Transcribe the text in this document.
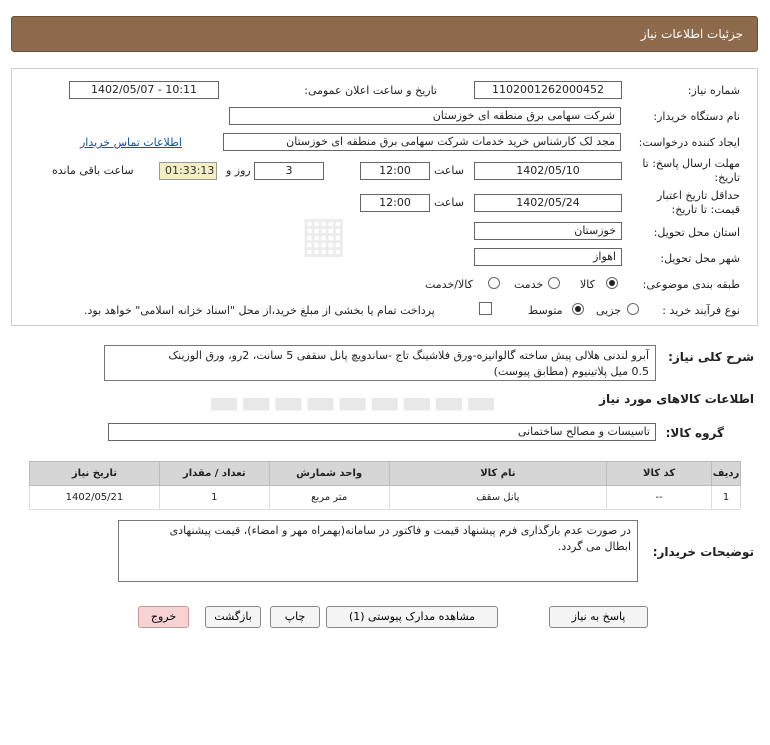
جزئیات اطلاعات نیاز
▦
▬▬▬▬▬▬▬▬▬
شماره نیاز:
1102001262000452
تاریخ و ساعت اعلان عمومی:
1402/05/07 - 10:11
نام دستگاه خریدار:
شرکت سهامی برق منطقه ای خوزستان
ایجاد کننده درخواست:
مجد لک کارشناس خرید خدمات شرکت سهامی برق منطقه ای خوزستان
اطلاعات تماس خریدار
مهلت ارسال پاسخ: تا
تاریخ:
1402/05/10
ساعت
12:00
3
روز و
01:33:13
ساعت باقی مانده
حداقل تاریخ اعتبار
قیمت: تا تاریخ:
1402/05/24
ساعت
12:00
استان محل تحویل:
خوزستان
شهر محل تحویل:
اهواز
طبقه بندی موضوعی:
کالا
خدمت
کالا/خدمت
نوع فرآیند خرید :
جزیی
متوسط
پرداخت تمام یا بخشی از مبلغ خرید،از محل "اسناد خزانه اسلامی" خواهد بود.
شرح کلی نیاز:
آبرو لندنی هلالی پیش ساخته گالوانیزه-ورق فلاشینگ تاج -ساندویچ پانل سقفی 5 سانت، 2رو، ورق الوزینک
0.5 میل پلاتینیوم (مطابق پیوست)
اطلاعات کالاهای مورد نیاز
گروه کالا:
تاسیسات و مصالح ساختمانی
ردیف	کد کالا	نام کالا	واحد شمارش	تعداد / مقدار	تاریخ نیاز
1	--	پانل سقف	متر مربع	1	1402/05/21
توضیحات خریدار:
در صورت عدم بارگذاری فرم پیشنهاد قیمت و فاکتور در سامانه(بهمراه مهر و امضاء)، قیمت پیشنهادی
ابطال می گردد.
پاسخ به نیاز
مشاهده مدارک پیوستی (1)
چاپ
بازگشت
خروج
